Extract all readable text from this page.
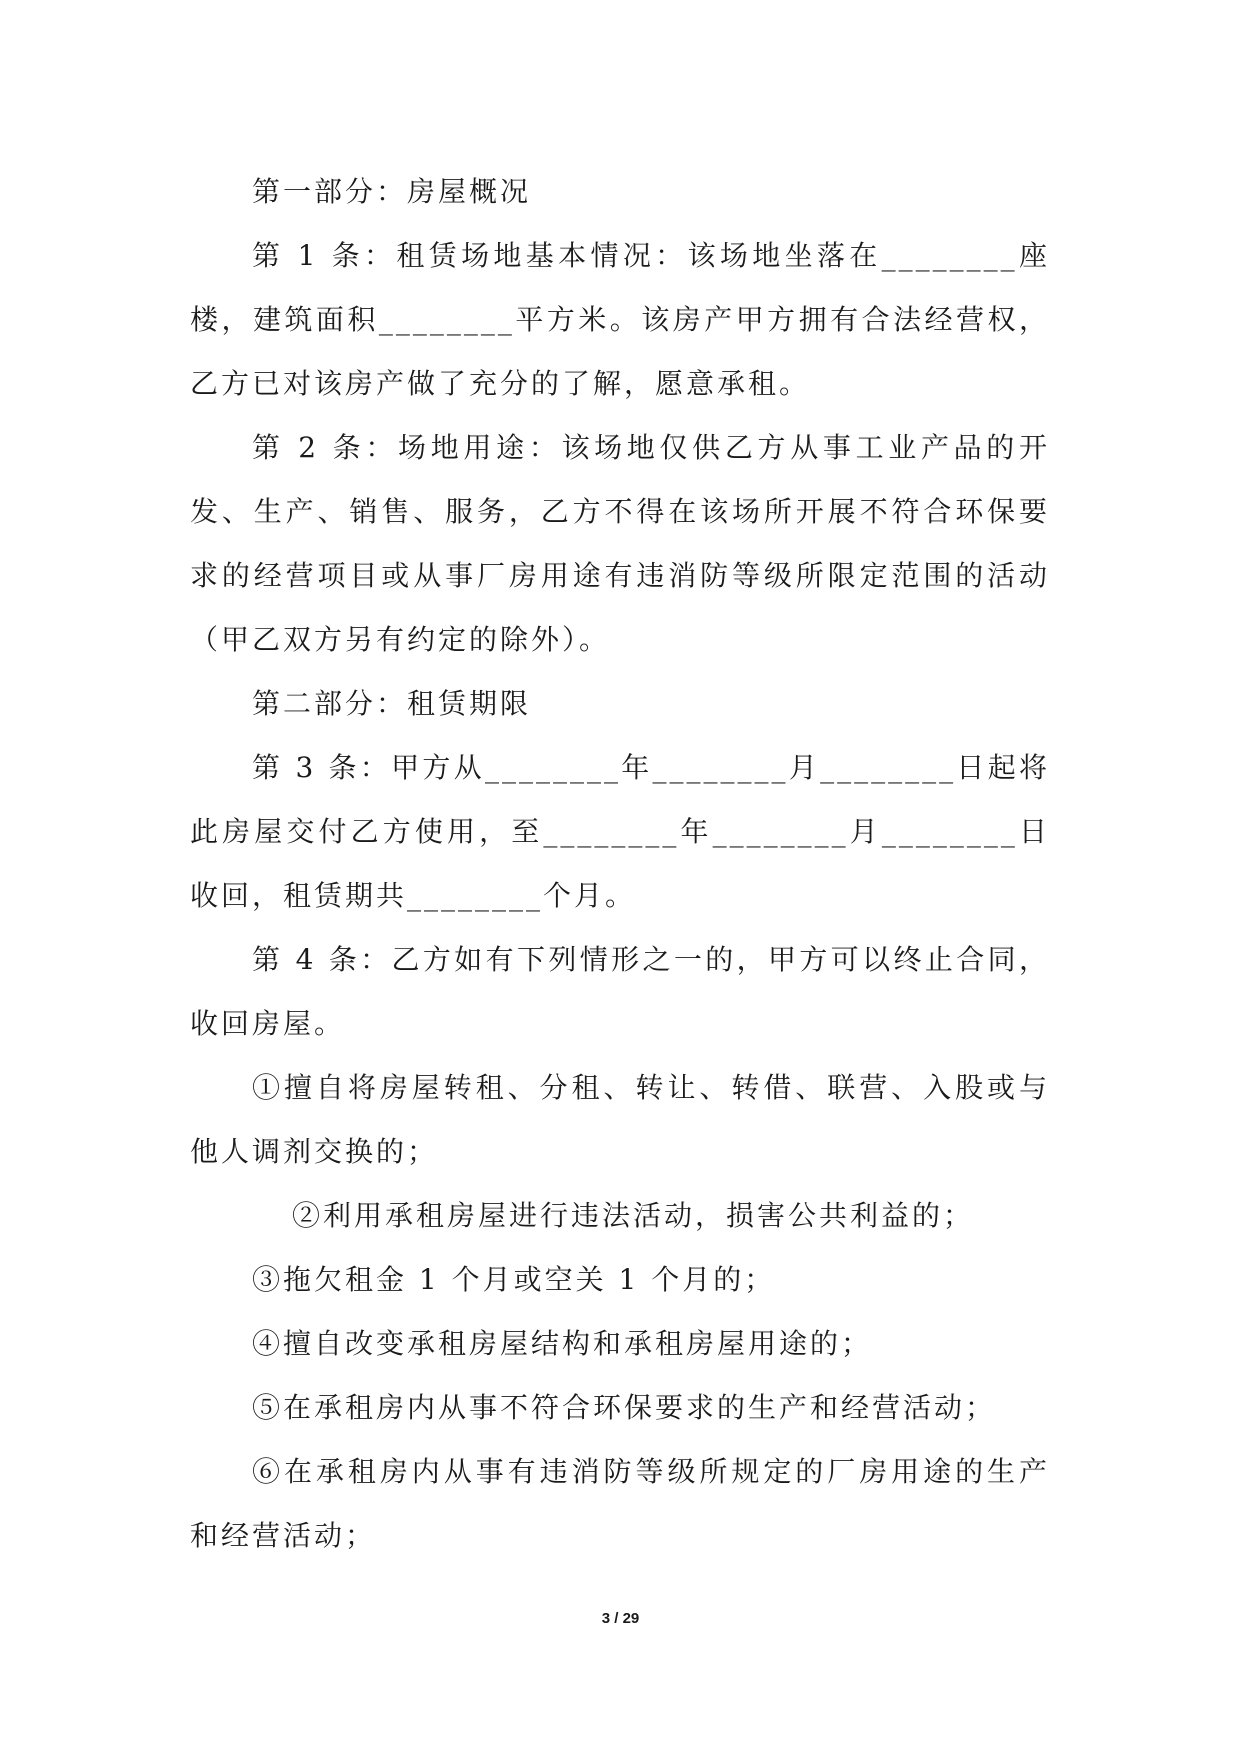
第一部分：房屋概况

第 1 条：租赁场地基本情况：该场地坐落在________座楼，建筑面积________平方米。该房产甲方拥有合法经营权，乙方已对该房产做了充分的了解，愿意承租。

第 2 条：场地用途：该场地仅供乙方从事工业产品的开发、生产、销售、服务，乙方不得在该场所开展不符合环保要求的经营项目或从事厂房用途有违消防等级所限定范围的活动（甲乙双方另有约定的除外）。

第二部分：租赁期限

第 3 条：甲方从________年________月________日起将此房屋交付乙方使用，至________年________月________日收回，租赁期共________个月。

第 4 条：乙方如有下列情形之一的，甲方可以终止合同，收回房屋。

①擅自将房屋转租、分租、转让、转借、联营、入股或与他人调剂交换的；

②利用承租房屋进行违法活动，损害公共利益的；

③拖欠租金 1 个月或空关 1 个月的；

④擅自改变承租房屋结构和承租房屋用途的；

⑤在承租房内从事不符合环保要求的生产和经营活动；

⑥在承租房内从事有违消防等级所规定的厂房用途的生产和经营活动；

3 / 29
